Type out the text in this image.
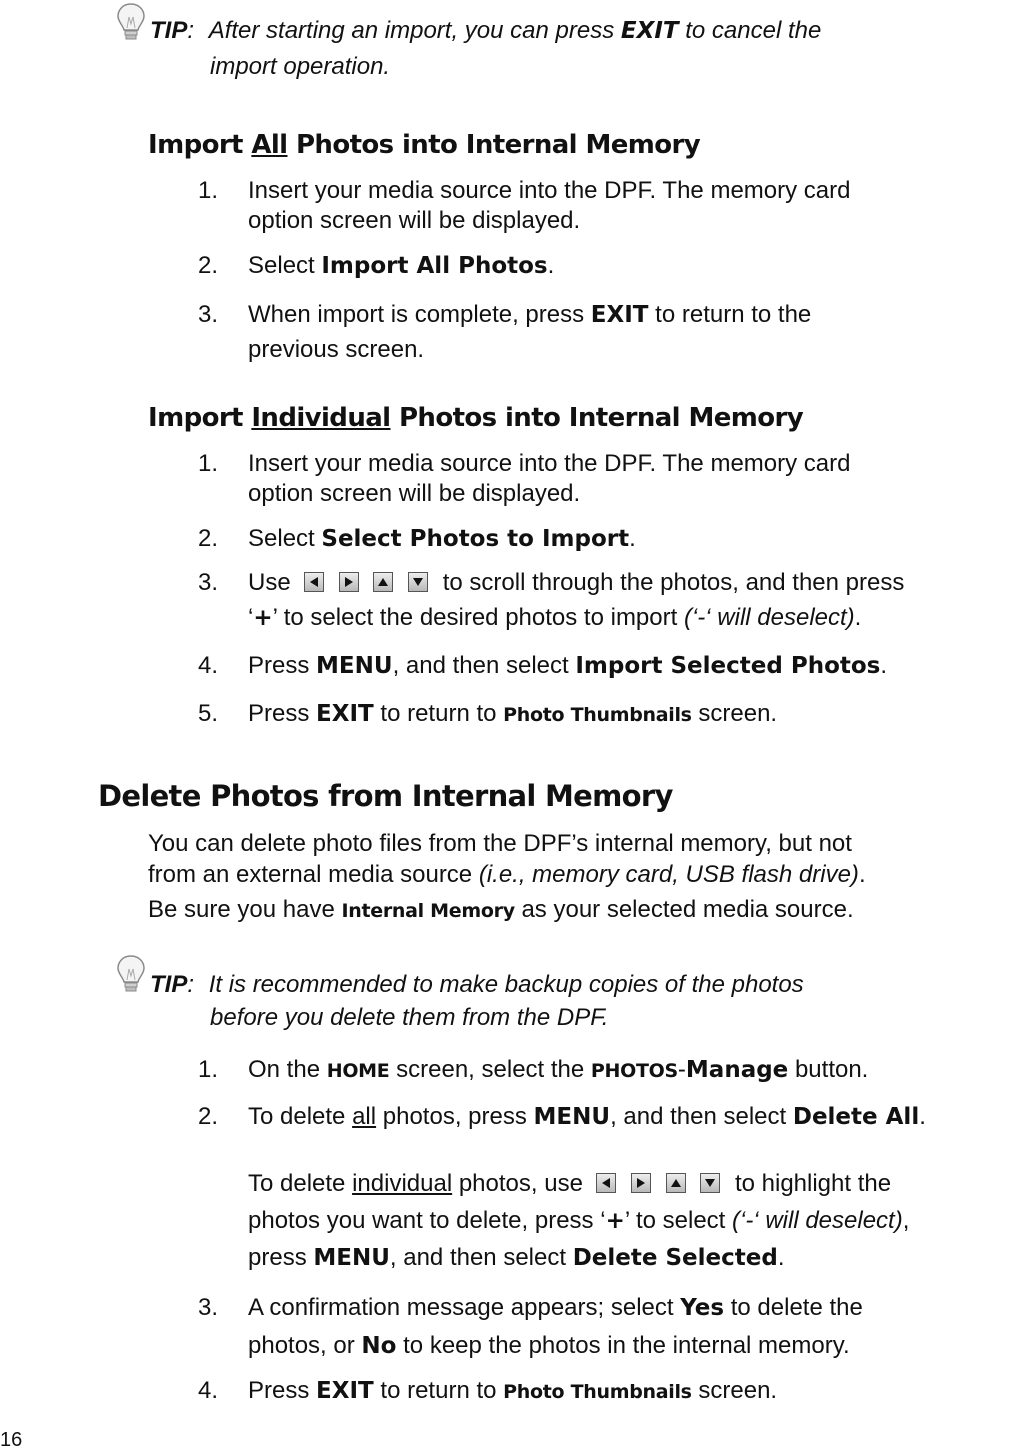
TIP: After starting an import, you can press EXIT to cancel the
import operation.
Import All Photos into Internal Memory
1. Insert your media source into the DPF. The memory card
option screen will be displayed.
2. Select Import All Photos.
3. When import is complete, press EXIT to return to the
previous screen.
Import Individual Photos into Internal Memory
1. Insert your media source into the DPF. The memory card
option screen will be displayed.
2. Select Select Photos to Import.
3. Use

	to scroll through the photos, and then press
‘+’ to select the desired photos to import (‘-‘ will deselect).
4. Press MENU, and then select Import Selected Photos.
5. Press EXIT to return to Photo Thumbnails screen.
Delete Photos from Internal Memory
You can delete photo files from the DPF’s internal memory, but not
from an external media source (i.e., memory card, USB flash drive).
Be sure you have Internal Memory as your selected media source.
TIP: It is recommended to make backup copies of the photos
before you delete them from the DPF.
1. On the HOME screen, select the PHOTOS-Manage button.
2. To delete all photos, press MENU, and then select Delete All.
To delete individual photos, use

	to highlight the
photos you want to delete, press ‘+’ to select (‘-‘ will deselect),
press MENU, and then select Delete Selected.
3. A confirmation message appears; select Yes to delete the
photos, or No to keep the photos in the internal memory.
4. Press EXIT to return to Photo Thumbnails screen.
16
